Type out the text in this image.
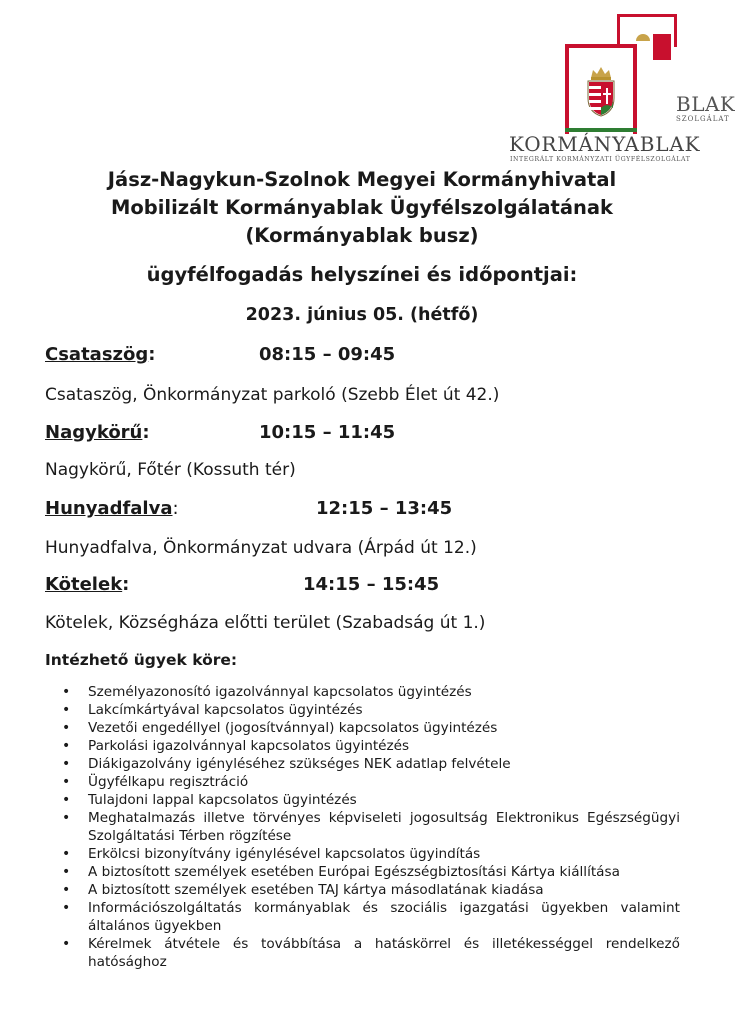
BLAK
SZOLGÁLAT
KORMÁNYABLAK
INTEGRÁLT KORMÁNYZATI ÜGYFÉLSZOLGÁLAT
Jász-Nagykun-Szolnok Megyei Kormányhivatal
Mobilizált Kormányablak Ügyfélszolgálatának
(Kormányablak busz)
ügyfélfogadás helyszínei és időpontjai:
2023. június 05. (hétfő)
Csataszög:	08:15 – 09:45
Csataszög, Önkormányzat parkoló (Szebb Élet út 42.)
Nagykörű:	10:15 – 11:45
Nagykörű, Főtér (Kossuth tér)
Hunyadfalva:	12:15 – 13:45
Hunyadfalva, Önkormányzat udvara (Árpád út 12.)
Kötelek:	14:15 – 15:45
Kötelek, Községháza előtti terület (Szabadság út 1.)
Intézhető ügyek köre:
• Személyazonosító igazolvánnyal kapcsolatos ügyintézés
• Lakcímkártyával kapcsolatos ügyintézés
• Vezetői engedéllyel (jogosítvánnyal) kapcsolatos ügyintézés
• Parkolási igazolvánnyal kapcsolatos ügyintézés
• Diákigazolvány igényléséhez szükséges NEK adatlap felvétele
• Ügyfélkapu regisztráció
• Tulajdoni lappal kapcsolatos ügyintézés
• Meghatalmazás illetve törvényes képviseleti jogosultság Elektronikus Egészségügyi Szolgáltatási Térben rögzítése
• Erkölcsi bizonyítvány igénylésével kapcsolatos ügyindítás
• A biztosított személyek esetében Európai Egészségbiztosítási Kártya kiállítása
• A biztosított személyek esetében TAJ kártya másodlatának kiadása
• Információszolgáltatás kormányablak és szociális igazgatási ügyekben valamint általános ügyekben
• Kérelmek átvétele és továbbítása a hatáskörrel és illetékességgel rendelkező hatósághoz
